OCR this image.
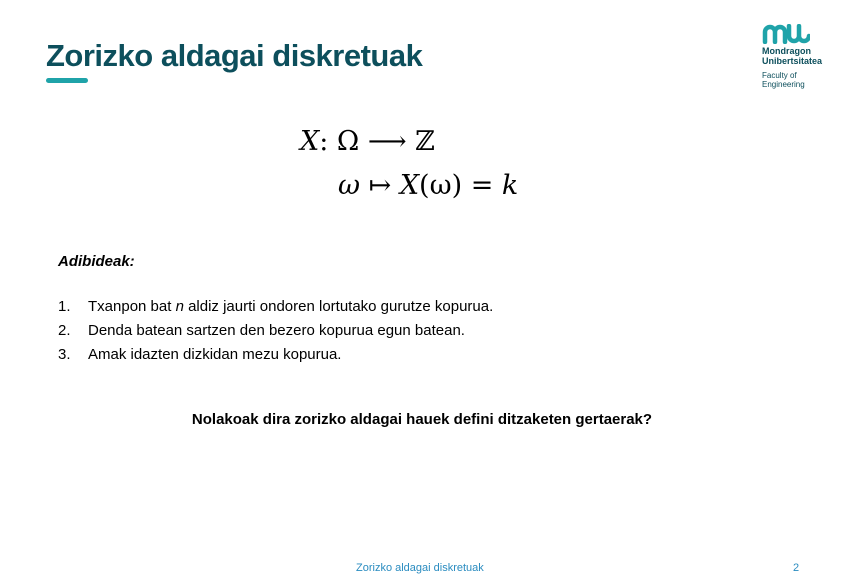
Zorizko aldagai diskretuak	Mondragon
Unibertsitatea
Faculty of
Engineering
X: Ω ⟶ ℤ
ω ↦ X(ω) = k
Adibideak:
1.	Txanpon bat n aldiz jaurti ondoren lortutako gurutze kopurua.
2.	Denda batean sartzen den bezero kopurua egun batean.
3.	Amak idazten dizkidan mezu kopurua.
Nolakoak dira zorizko aldagai hauek defini ditzaketen gertaerak?
Zorizko aldagai diskretuak	2
